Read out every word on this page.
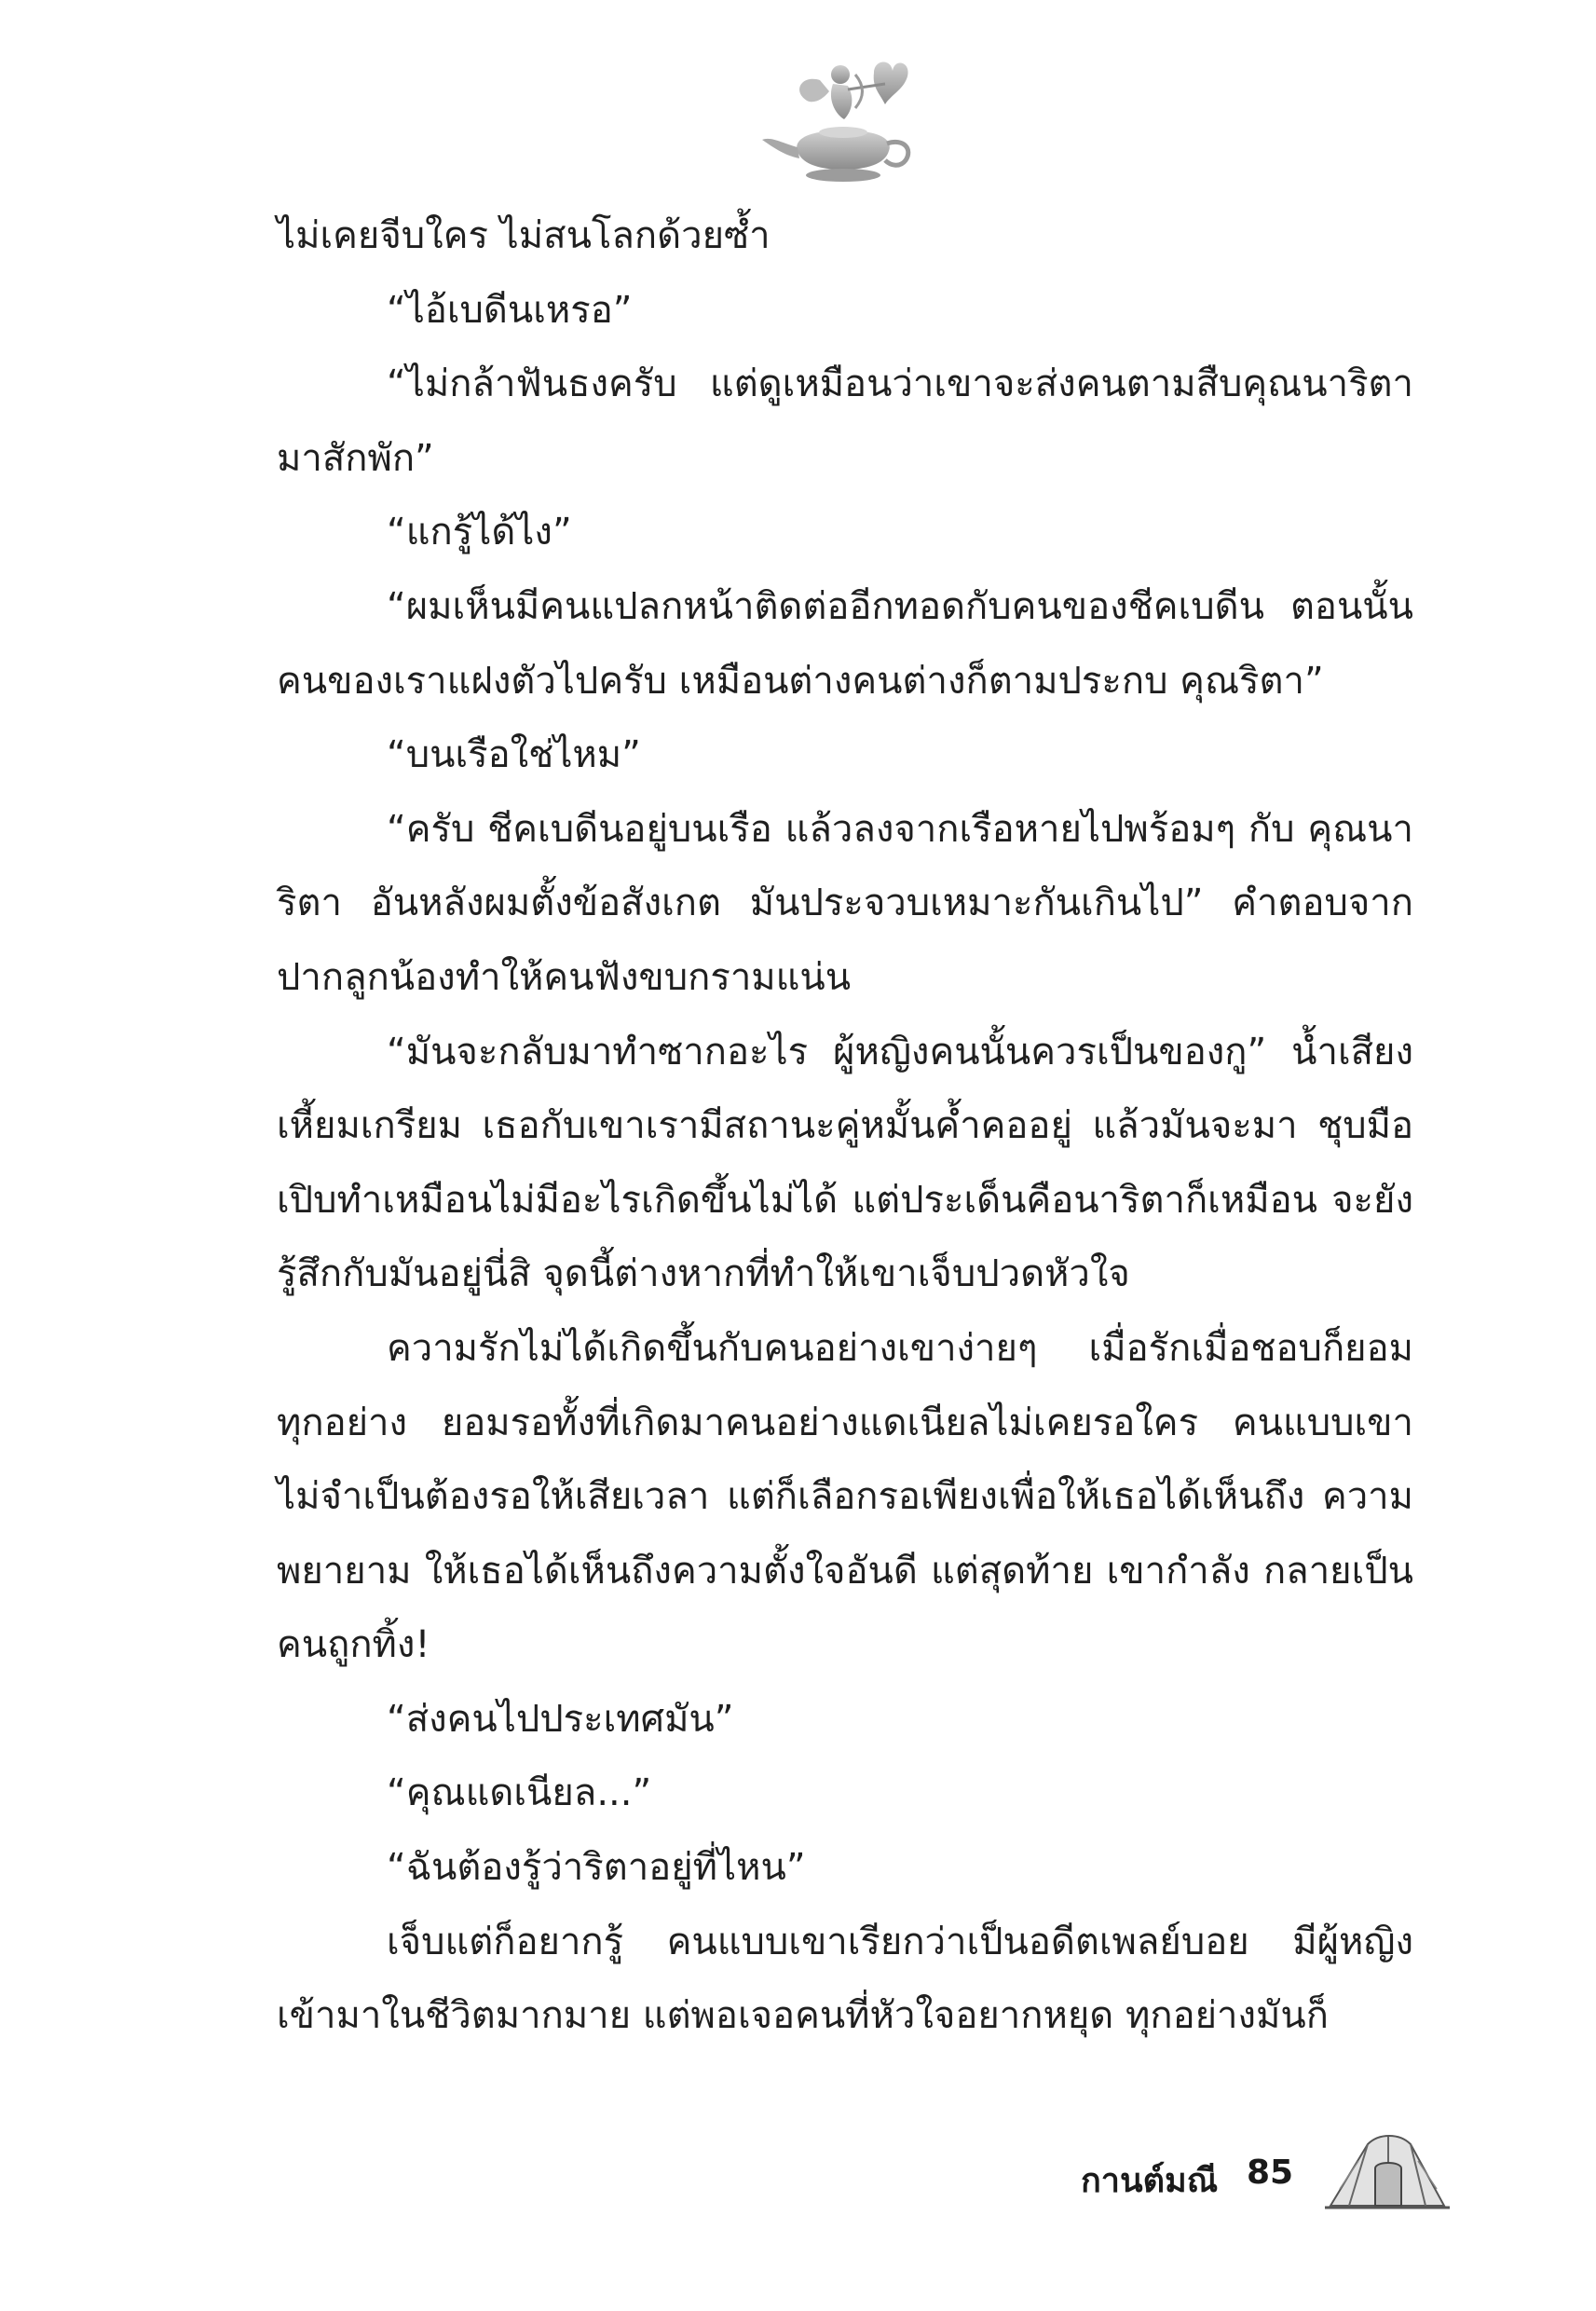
ไม่เคยจีบใคร ไม่สนโลกด้วยซ้ำ

“ไอ้เบดีนเหรอ”

“ไม่กล้าฟันธงครับ แต่ดูเหมือนว่าเขาจะส่งคนตามสืบคุณนาริตา มาสักพัก”

“แกรู้ได้ไง”

“ผมเห็นมีคนแปลกหน้าติดต่ออีกทอดกับคนของชีคเบดีน ตอนนั้นคนของเราแฝงตัวไปครับ เหมือนต่างคนต่างก็ตามประกบ คุณริตา”

“บนเรือใช่ไหม”

“ครับ ชีคเบดีนอยู่บนเรือ แล้วลงจากเรือหายไปพร้อมๆ กับ คุณนาริตา อันหลังผมตั้งข้อสังเกต มันประจวบเหมาะกันเกินไป” คำตอบจากปากลูกน้องทำให้คนฟังขบกรามแน่น

“มันจะกลับมาทำซากอะไร ผู้หญิงคนนั้นควรเป็นของกู” น้ำเสียง เหี้ยมเกรียม เธอกับเขาเรามีสถานะคู่หมั้นค้ำคออยู่ แล้วมันจะมา ชุบมือเปิบทำเหมือนไม่มีอะไรเกิดขึ้นไม่ได้ แต่ประเด็นคือนาริตาก็เหมือน จะยังรู้สึกกับมันอยู่นี่สิ จุดนี้ต่างหากที่ทำให้เขาเจ็บปวดหัวใจ

ความรักไม่ได้เกิดขึ้นกับคนอย่างเขาง่ายๆ เมื่อรักเมื่อชอบก็ยอม ทุกอย่าง ยอมรอทั้งที่เกิดมาคนอย่างแดเนียลไม่เคยรอใคร คนแบบเขา ไม่จำเป็นต้องรอให้เสียเวลา แต่ก็เลือกรอเพียงเพื่อให้เธอได้เห็นถึง ความพยายาม ให้เธอได้เห็นถึงความตั้งใจอันดี แต่สุดท้าย เขากำลัง กลายเป็นคนถูกทิ้ง!

“ส่งคนไปประเทศมัน”

“คุณแดเนียล...”

“ฉันต้องรู้ว่าริตาอยู่ที่ไหน”

เจ็บแต่ก็อยากรู้ คนแบบเขาเรียกว่าเป็นอดีตเพลย์บอย มีผู้หญิง เข้ามาในชีวิตมากมาย แต่พอเจอคนที่หัวใจอยากหยุด ทุกอย่างมันก็

กานต์มณี 85
